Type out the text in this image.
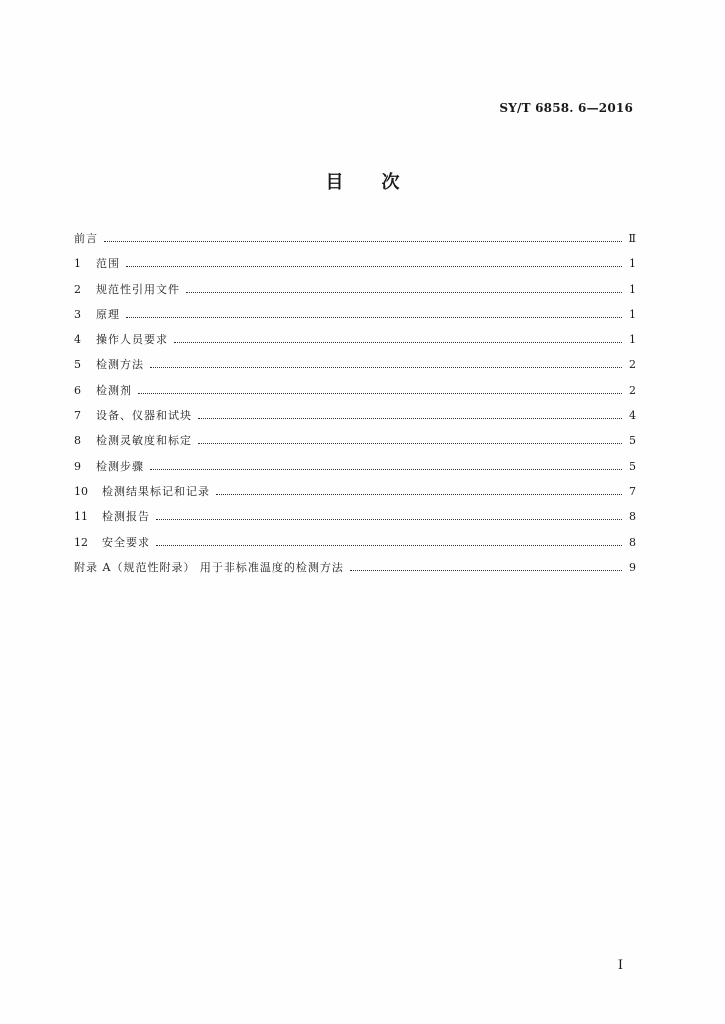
SY/T 6858. 6—2016
目次
前言	Ⅱ
1	范围	1
2	规范性引用文件	1
3	原理	1
4	操作人员要求	1
5	检测方法	2
6	检测剂	2
7	设备、仪器和试块	4
8	检测灵敏度和标定	5
9	检测步骤	5
10	检测结果标记和记录	7
11	检测报告	8
12	安全要求	8
附录 A（规范性附录） 用于非标准温度的检测方法	9
I
